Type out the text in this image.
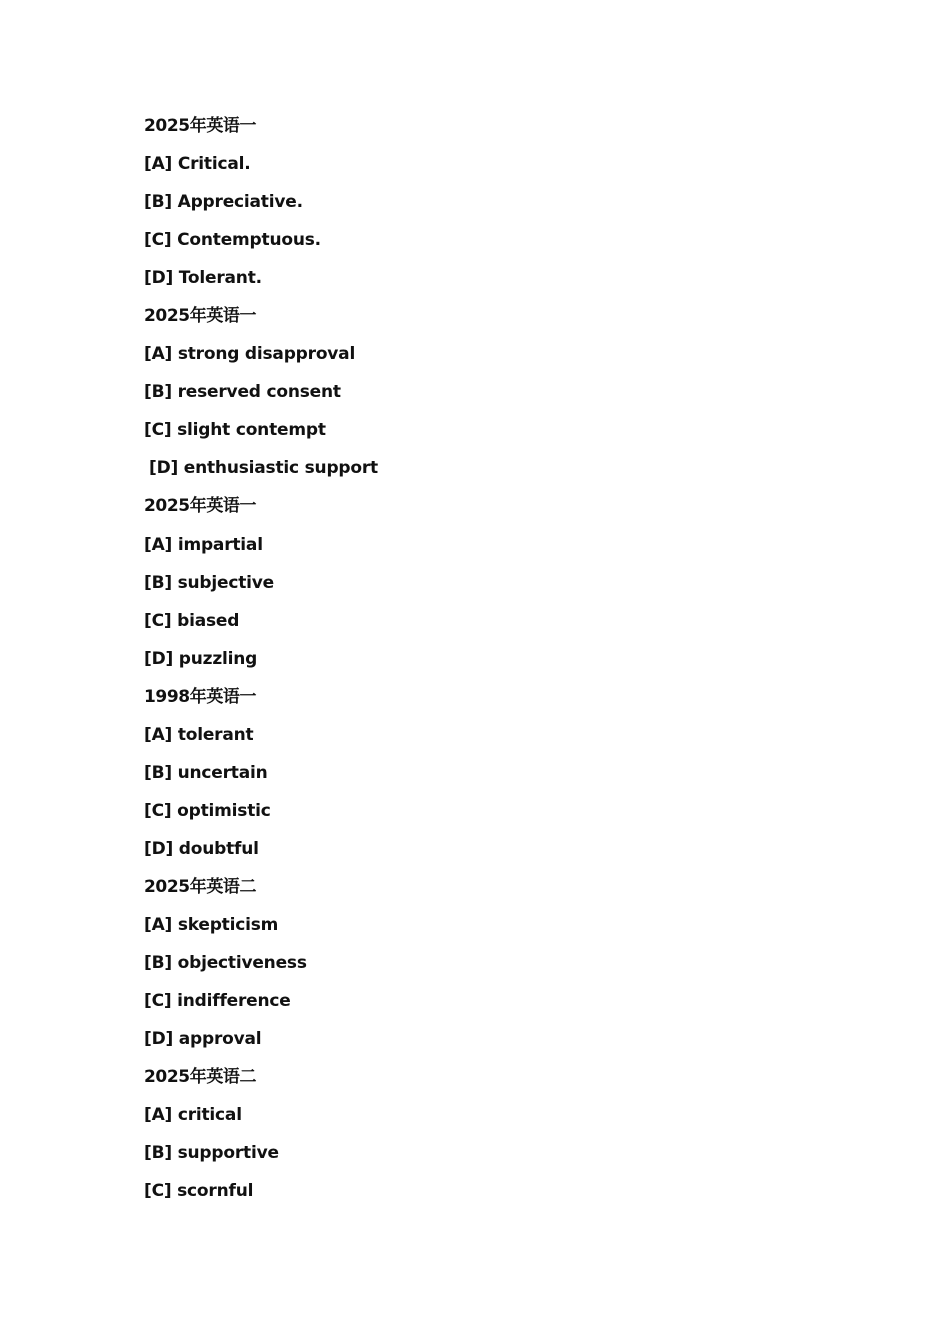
2025年英语一
[A] Critical.
[B] Appreciative.
[C] Contemptuous.
[D] Tolerant.
2025年英语一
[A] strong disapproval
[B] reserved consent
[C] slight contempt
[D] enthusiastic support
2025年英语一
[A] impartial
[B] subjective
[C] biased
[D] puzzling
1998年英语一
[A] tolerant
[B] uncertain
[C] optimistic
[D] doubtful
2025年英语二
[A] skepticism
[B] objectiveness
[C] indifference
[D] approval
2025年英语二
[A] critical
[B] supportive
[C] scornful
